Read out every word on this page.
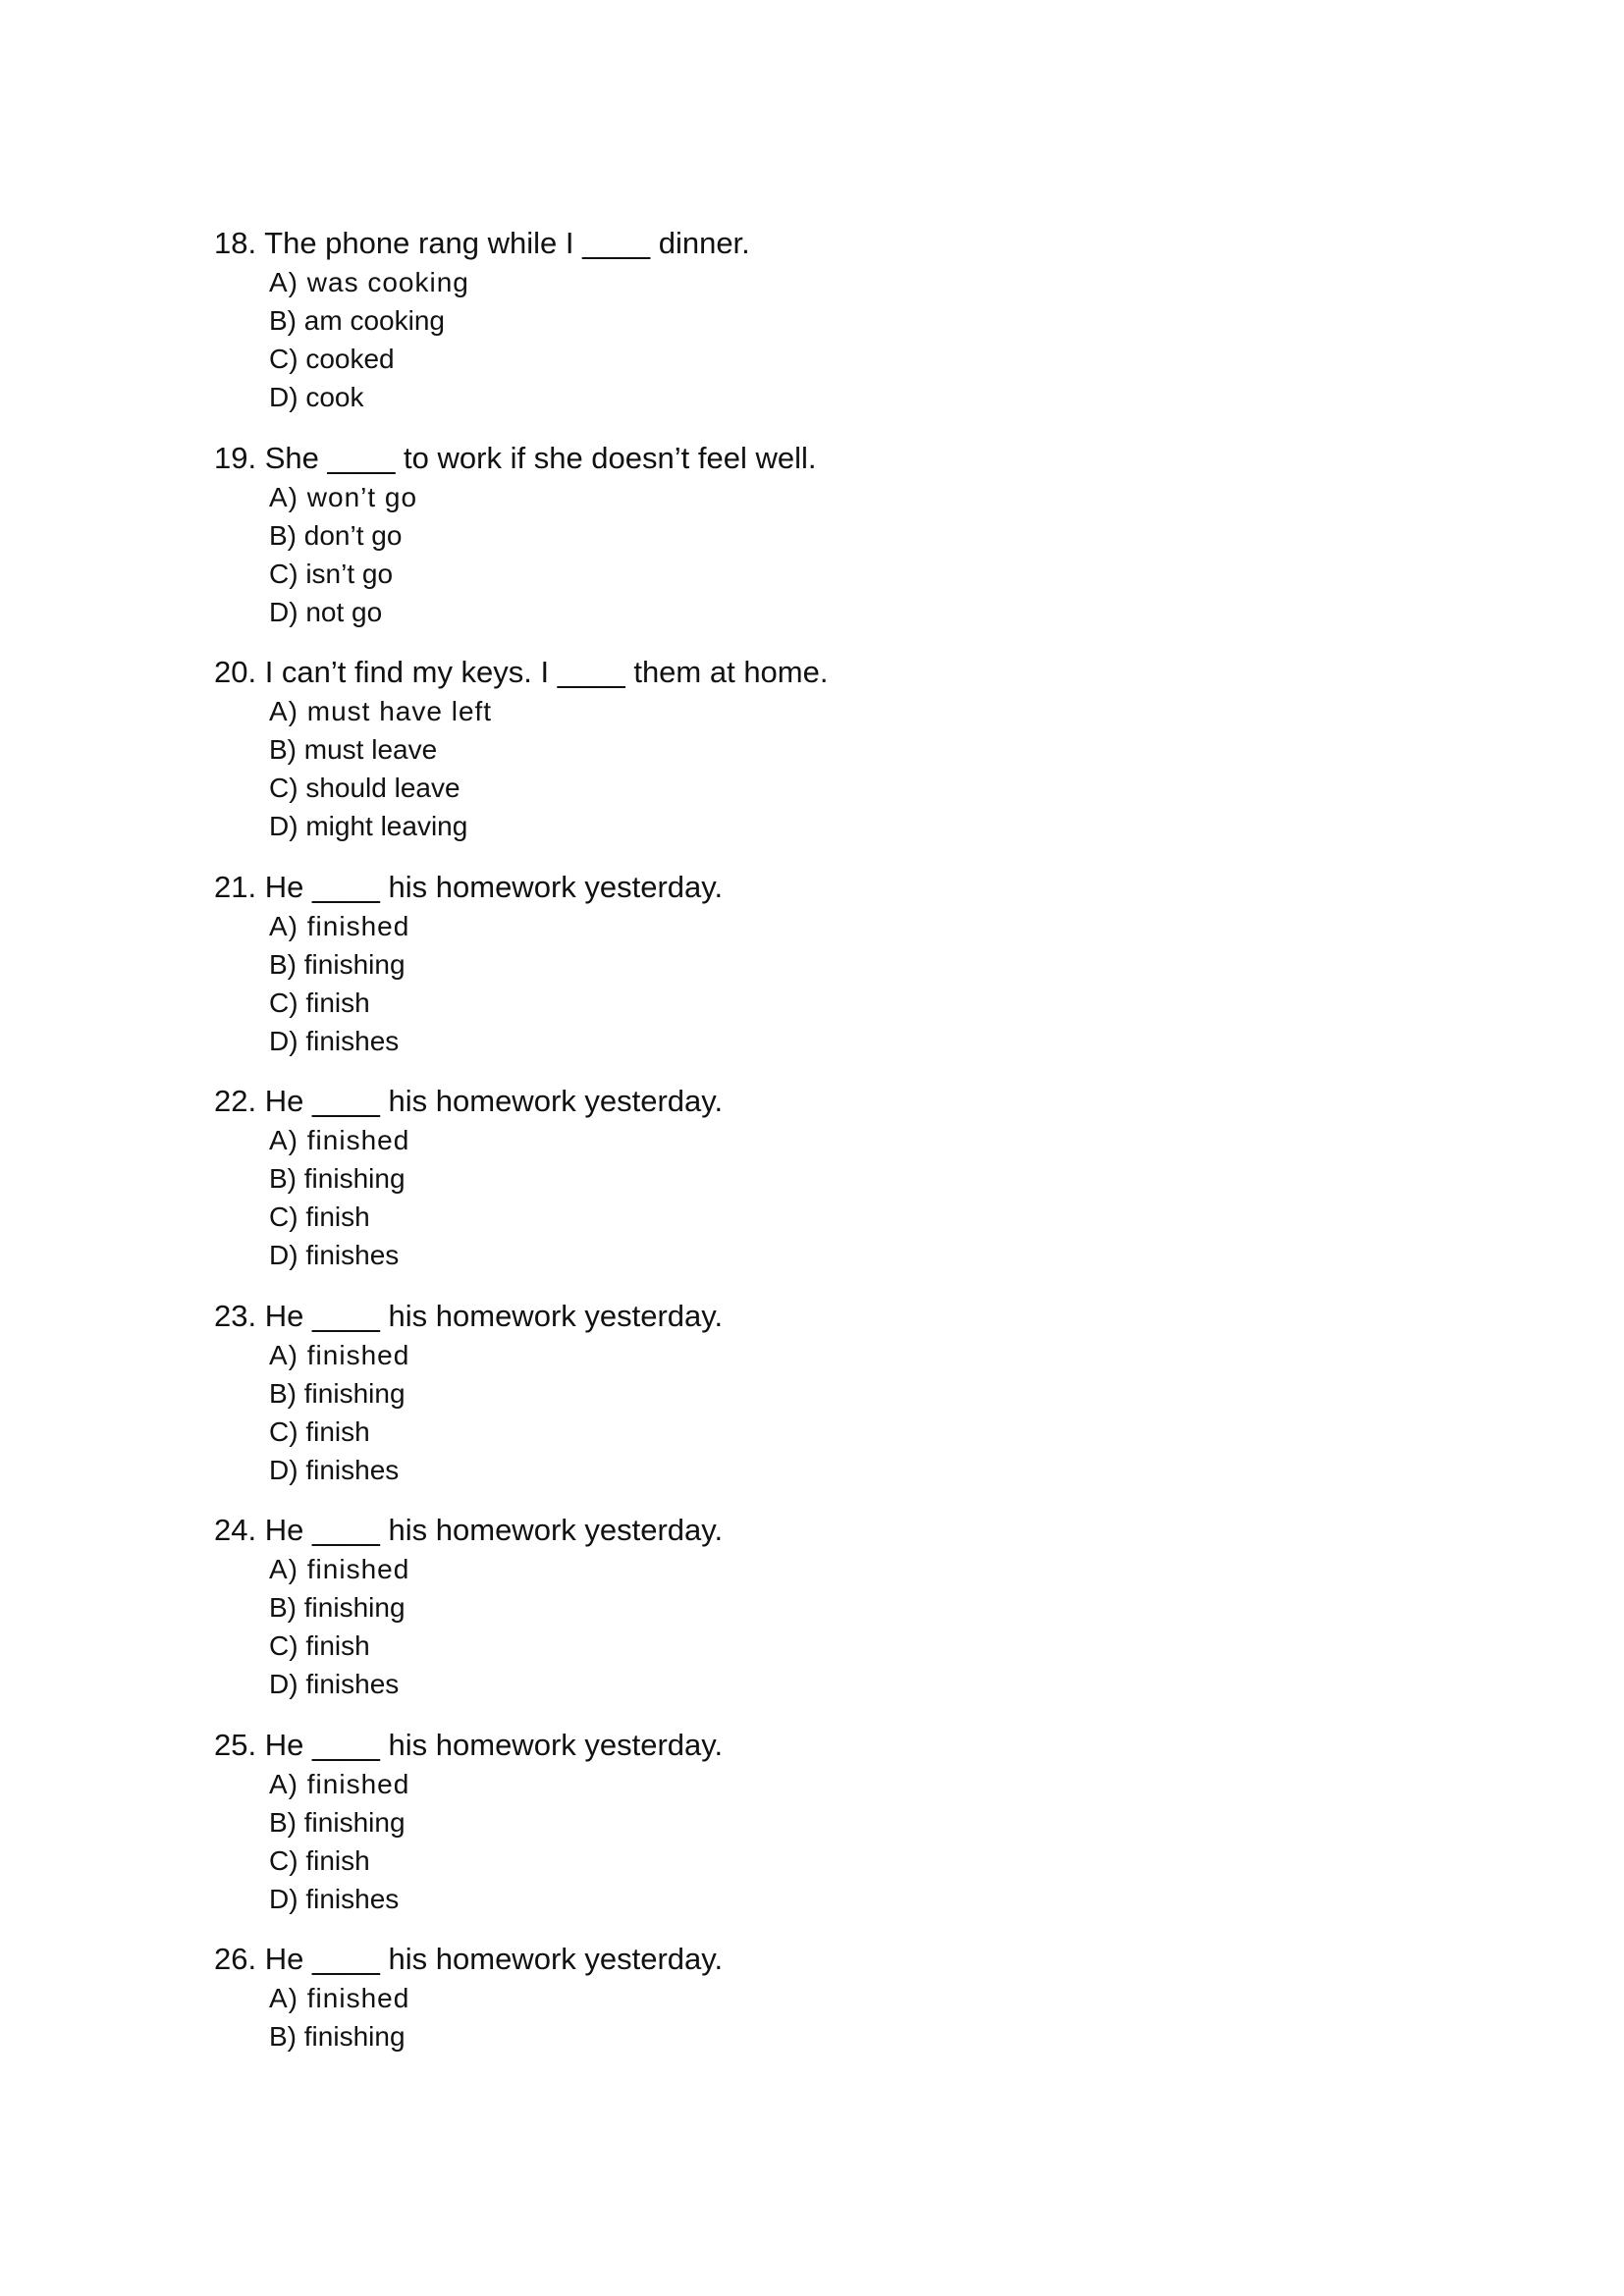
18. The phone rang while I ____ dinner.
A) was cooking
B) am cooking
C) cooked
D) cook
19. She ____ to work if she doesn’t feel well.
A) won’t go
B) don’t go
C) isn’t go
D) not go
20. I can’t find my keys. I ____ them at home.
A) must have left
B) must leave
C) should leave
D) might leaving
21. He ____ his homework yesterday.
A) finished
B) finishing
C) finish
D) finishes
22. He ____ his homework yesterday.
A) finished
B) finishing
C) finish
D) finishes
23. He ____ his homework yesterday.
A) finished
B) finishing
C) finish
D) finishes
24. He ____ his homework yesterday.
A) finished
B) finishing
C) finish
D) finishes
25. He ____ his homework yesterday.
A) finished
B) finishing
C) finish
D) finishes
26. He ____ his homework yesterday.
A) finished
B) finishing
